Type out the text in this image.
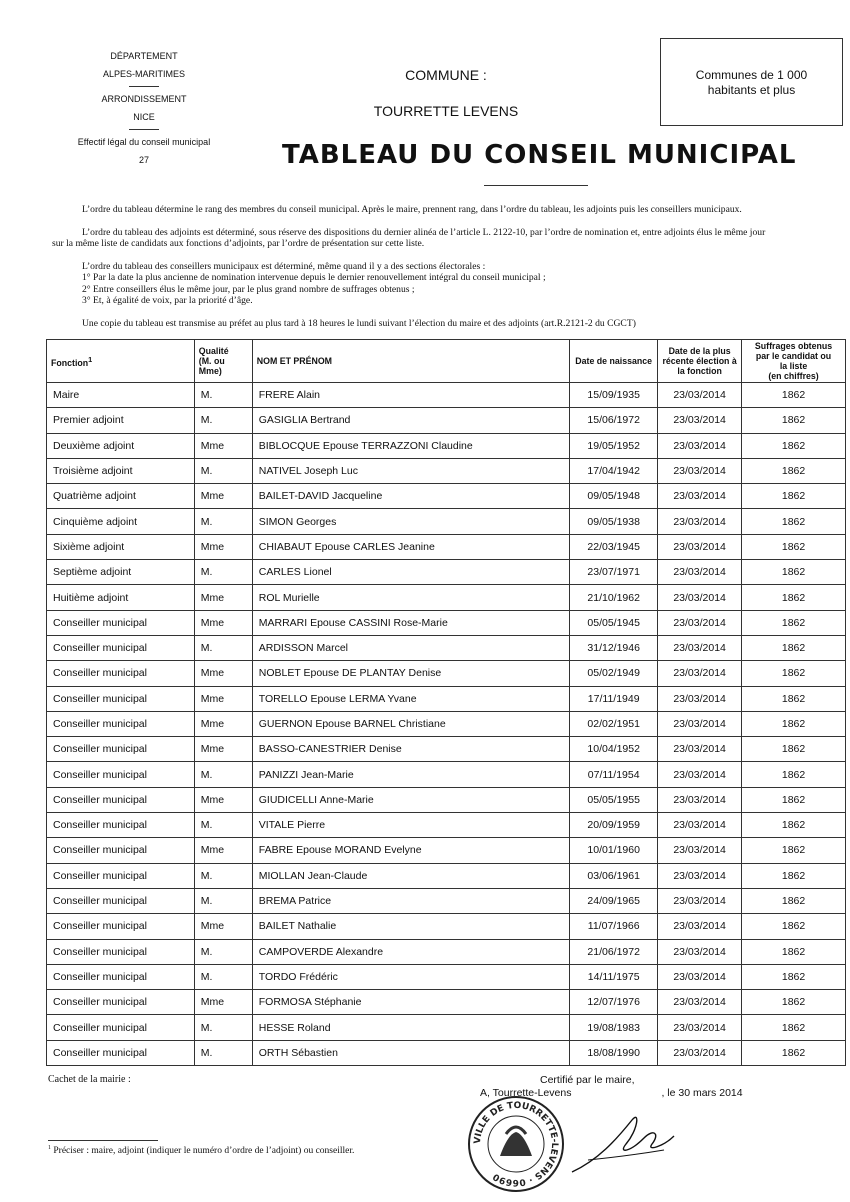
DÉPARTEMENT
ALPES-MARITIMES
ARRONDISSEMENT
NICE
Effectif légal du conseil municipal
27
COMMUNE :
TOURRETTE LEVENS
Communes de 1 000
habitants et plus
TABLEAU DU CONSEIL MUNICIPAL

L’ordre du tableau détermine le rang des membres du conseil municipal. Après le maire, prennent rang, dans l’ordre du tableau, les adjoints puis les conseillers municipaux.

L’ordre du tableau des adjoints est déterminé, sous réserve des dispositions du dernier alinéa de l’article L. 2122-10, par l’ordre de nomination et, entre adjoints élus le même jour
sur la même liste de candidats aux fonctions d’adjoints, par l’ordre de présentation sur cette liste.

L’ordre du tableau des conseillers municipaux est déterminé, même quand il y a des sections électorales :
1° Par la date la plus ancienne de nomination intervenue depuis le dernier renouvellement intégral du conseil municipal ;
2° Entre conseillers élus le même jour, par le plus grand nombre de suffrages obtenus ;
3° Et, à égalité de voix, par la priorité d’âge.

Une copie du tableau est transmise au préfet au plus tard à 18 heures le lundi suivant l’élection du maire et des adjoints (art.R.2121-2 du CGCT)

Fonction$^1$	Qualité
(M. ou Mme)	NOM ET PRÉNOM	Date de naissance	Date de la plus
récente élection à
la fonction	Suffrages obtenus
par le candidat ou
la liste
(en chiffres)
Maire	M.	FRERE Alain	15/09/1935	23/03/2014	1862
Premier adjoint	M.	GASIGLIA Bertrand	15/06/1972	23/03/2014	1862
Deuxième adjoint	Mme	BIBLOCQUE Epouse TERRAZZONI Claudine	19/05/1952	23/03/2014	1862
Troisième adjoint	M.	NATIVEL Joseph Luc	17/04/1942	23/03/2014	1862
Quatrième adjoint	Mme	BAILET-DAVID Jacqueline	09/05/1948	23/03/2014	1862
Cinquième adjoint	M.	SIMON Georges	09/05/1938	23/03/2014	1862
Sixième adjoint	Mme	CHIABAUT Epouse CARLES Jeanine	22/03/1945	23/03/2014	1862
Septième adjoint	M.	CARLES Lionel	23/07/1971	23/03/2014	1862
Huitième adjoint	Mme	ROL Murielle	21/10/1962	23/03/2014	1862
Conseiller municipal	Mme	MARRARI Epouse CASSINI Rose-Marie	05/05/1945	23/03/2014	1862
Conseiller municipal	M.	ARDISSON Marcel	31/12/1946	23/03/2014	1862
Conseiller municipal	Mme	NOBLET Epouse DE PLANTAY Denise	05/02/1949	23/03/2014	1862
Conseiller municipal	Mme	TORELLO Epouse LERMA Yvane	17/11/1949	23/03/2014	1862
Conseiller municipal	Mme	GUERNON Epouse BARNEL Christiane	02/02/1951	23/03/2014	1862
Conseiller municipal	Mme	BASSO-CANESTRIER Denise	10/04/1952	23/03/2014	1862
Conseiller municipal	M.	PANIZZI Jean-Marie	07/11/1954	23/03/2014	1862
Conseiller municipal	Mme	GIUDICELLI Anne-Marie	05/05/1955	23/03/2014	1862
Conseiller municipal	M.	VITALE Pierre	20/09/1959	23/03/2014	1862
Conseiller municipal	Mme	FABRE Epouse MORAND Evelyne	10/01/1960	23/03/2014	1862
Conseiller municipal	M.	MIOLLAN Jean-Claude	03/06/1961	23/03/2014	1862
Conseiller municipal	M.	BREMA Patrice	24/09/1965	23/03/2014	1862
Conseiller municipal	Mme	BAILET Nathalie	11/07/1966	23/03/2014	1862
Conseiller municipal	M.	CAMPOVERDE Alexandre	21/06/1972	23/03/2014	1862
Conseiller municipal	M.	TORDO Frédéric	14/11/1975	23/03/2014	1862
Conseiller municipal	Mme	FORMOSA Stéphanie	12/07/1976	23/03/2014	1862
Conseiller municipal	M.	HESSE Roland	19/08/1983	23/03/2014	1862
Conseiller municipal	M.	ORTH Sébastien	18/08/1990	23/03/2014	1862
Cachet de la mairie :	Certifié par le maire,
A, Tourrette-Levens	, le 30 mars 2014
VILLE DE TOURRETTE-LEVENS · 06690
$^1$ Préciser : maire, adjoint (indiquer le numéro d’ordre de l’adjoint) ou conseiller.
